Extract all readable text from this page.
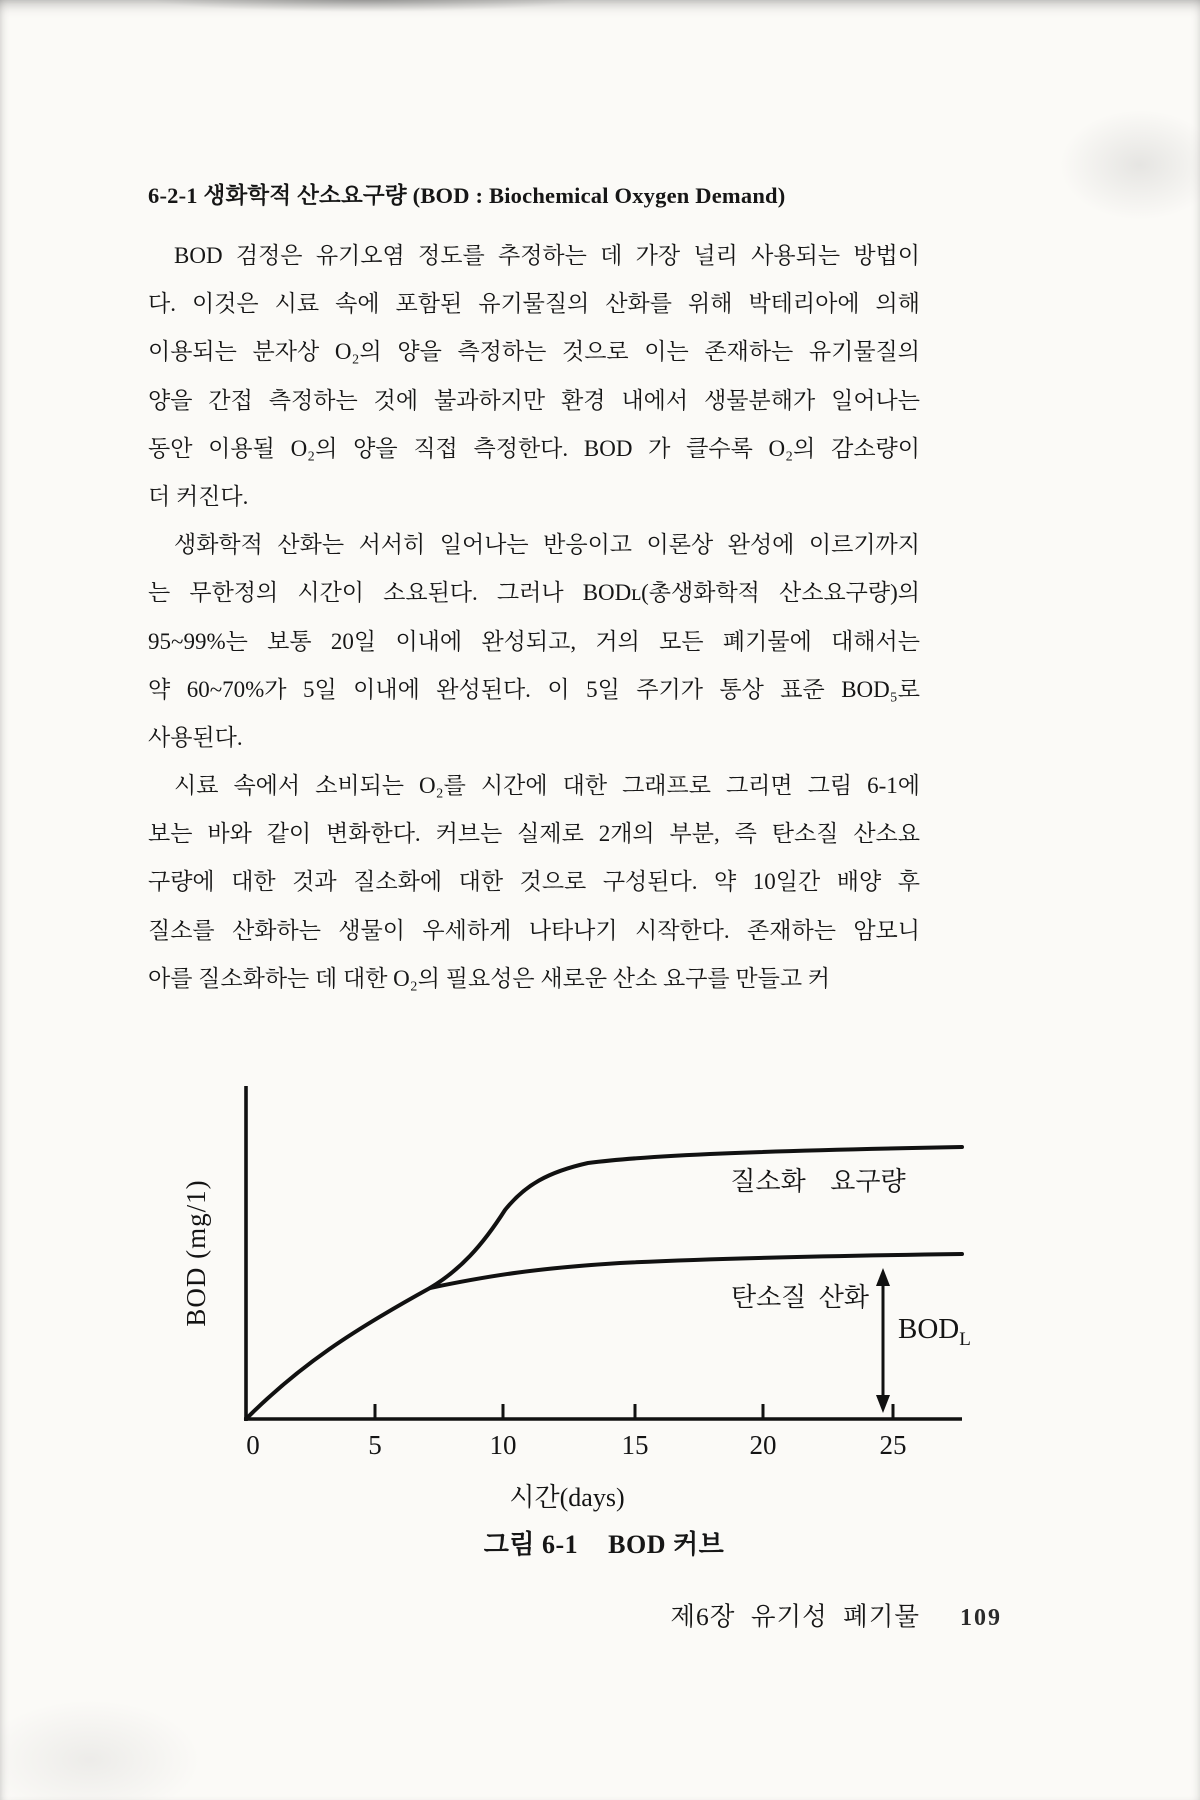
6-2-1 생화학적 산소요구량 (BOD : Biochemical Oxygen Demand)
BOD 검정은 유기오염 정도를 추정하는 데 가장 널리 사용되는 방법이
다. 이것은 시료 속에 포함된 유기물질의 산화를 위해 박테리아에 의해
이용되는 분자상 O₂의 양을 측정하는 것으로 이는 존재하는 유기물질의
양을 간접 측정하는 것에 불과하지만 환경 내에서 생물분해가 일어나는
동안 이용될 O₂의 양을 직접 측정한다. BOD 가 클수록 O₂의 감소량이
더 커진다.
생화학적 산화는 서서히 일어나는 반응이고 이론상 완성에 이르기까지
는 무한정의 시간이 소요된다. 그러나 BODʟ(총생화학적 산소요구량)의
95~99%는 보통 20일 이내에 완성되고, 거의 모든 폐기물에 대해서는
약 60~70%가 5일 이내에 완성된다. 이 5일 주기가 통상 표준 BOD₅로
사용된다.
시료 속에서 소비되는 O₂를 시간에 대한 그래프로 그리면 그림 6-1에
보는 바와 같이 변화한다. 커브는 실제로 2개의 부분, 즉 탄소질 산소요
구량에 대한 것과 질소화에 대한 것으로 구성된다. 약 10일간 배양 후
질소를 산화하는 생물이 우세하게 나타나기 시작한다. 존재하는 암모니
아를 질소화하는 데 대한 O₂의 필요성은 새로운 산소 요구를 만들고 커
질소화 요구량
탄소질 산화
$BOD_L$
0	5	10	15	20	25
BOD (mg/1)
시간(days)
그림 6-1 BOD 커브
제6장 유기성 폐기물 109
